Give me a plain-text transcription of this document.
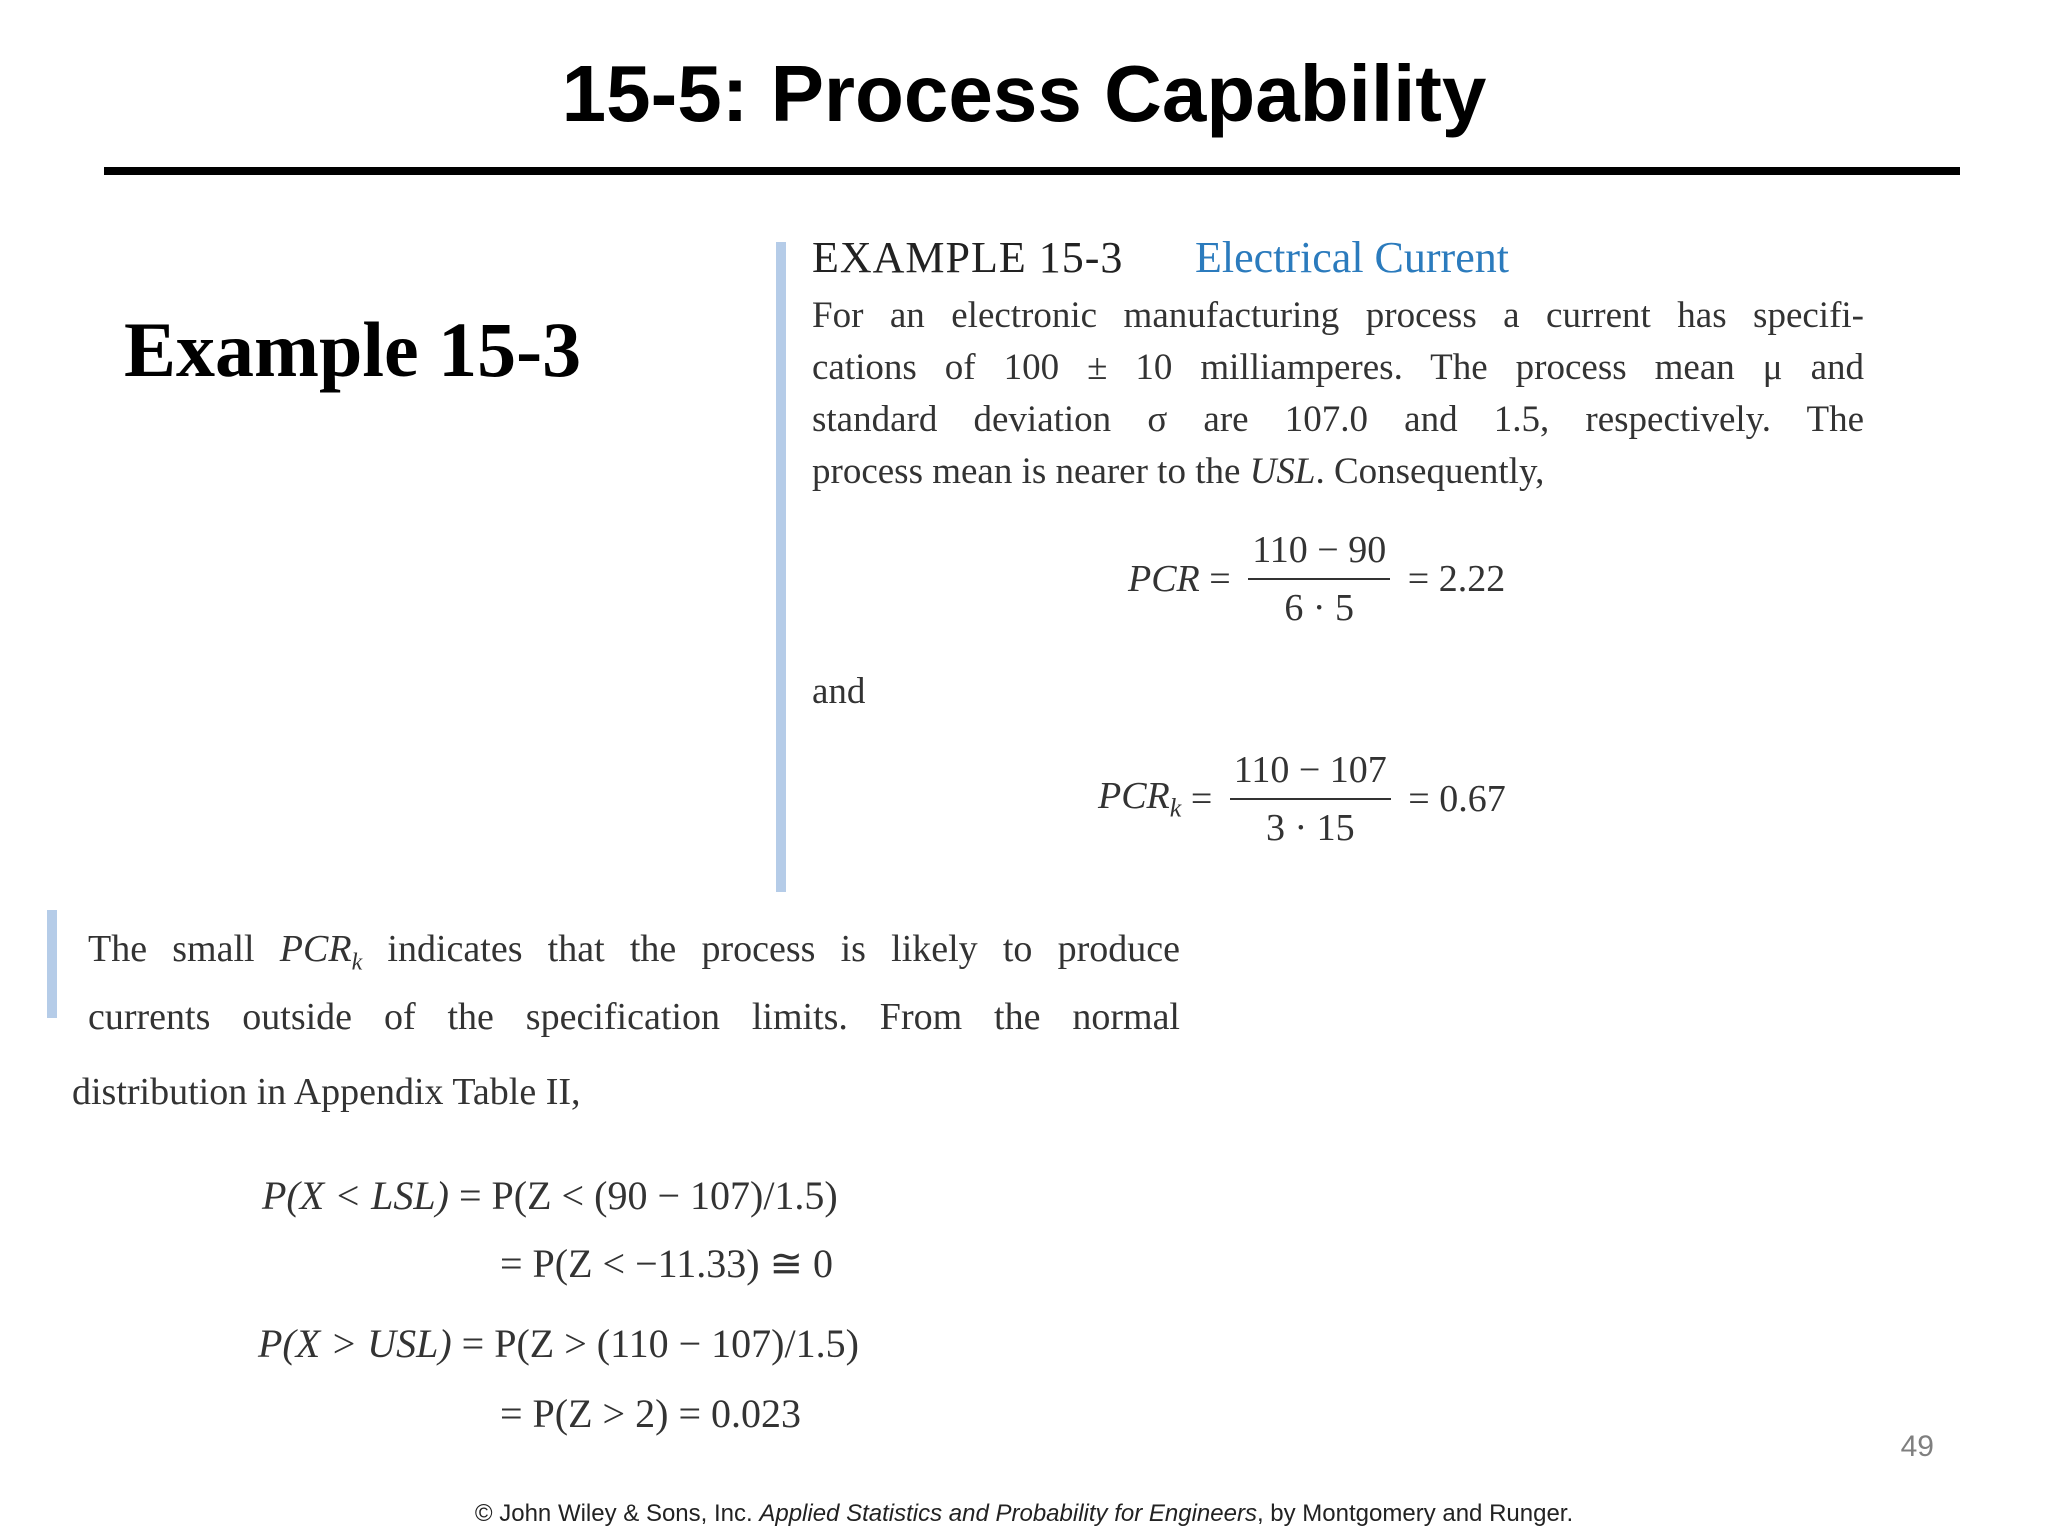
15-5: Process Capability
Example 15-3
EXAMPLE 15-3 Electrical Current
For an electronic manufacturing process a current has specifi-
cations of 100 ± 10 milliamperes. The process mean μ and
standard deviation σ are 107.0 and 1.5, respectively. The
process mean is nearer to the USL. Consequently,
PCR = $\frac{110 - 90}{6 \cdot 5} = 2.22$
and
$PCR_k = \frac{110 - 107}{3 \cdot 15} = 0.67$
The small $PCR_k$ indicates that the process is likely to produce
currents outside of the specification limits. From the normal
distribution in Appendix Table II,
P(X < LSL) = P(Z < (90 − 107)/1.5)
= P(Z < −11.33) ≅ 0
P(X > USL) = P(Z > (110 − 107)/1.5)
= P(Z > 2) = 0.023
49
© John Wiley & Sons, Inc. Applied Statistics and Probability for Engineers, by Montgomery and Runger.
